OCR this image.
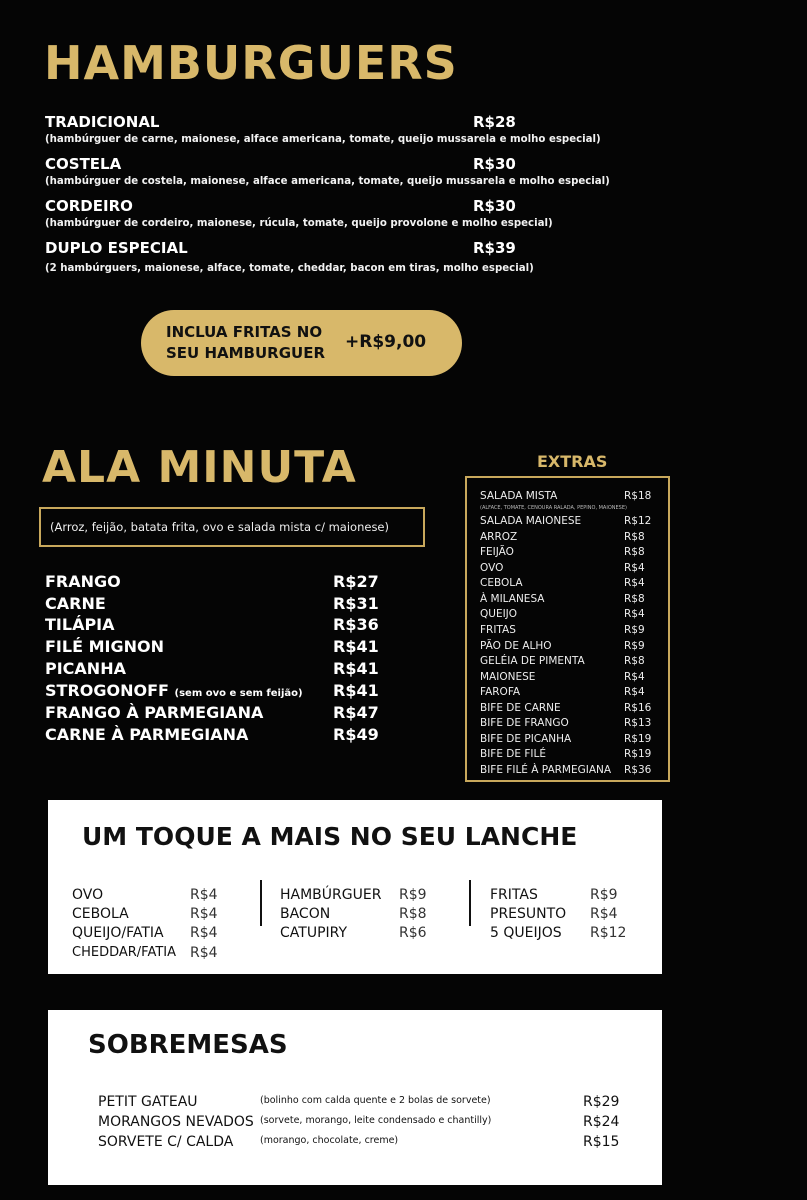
HAMBURGUERS
TRADICIONAL	R$28
(hambúrguer de carne, maionese, alface americana, tomate, queijo mussarela e molho especial)
COSTELA	R$30
(hambúrguer de costela, maionese, alface americana, tomate, queijo mussarela e molho especial)
CORDEIRO	R$30
(hambúrguer de cordeiro, maionese, rúcula, tomate, queijo provolone e molho especial)
DUPLO ESPECIAL	R$39
(2 hambúrguers, maionese, alface, tomate, cheddar, bacon em tiras, molho especial)
INCLUA FRITAS NO
SEU HAMBURGUER
+R$9,00
ALA MINUTA
(Arroz, feijão, batata frita, ovo e salada mista c/ maionese)
FRANGO	R$27
CARNE	R$31
TILÁPIA	R$36
FILÉ MIGNON	R$41
PICANHA	R$41
STROGONOFF (sem ovo e sem feijão) R$41
FRANGO À PARMEGIANA	R$47
CARNE À PARMEGIANA	R$49
EXTRAS
SALADA MISTA	R$18
(ALFACE, TOMATE, CENOURA RALADA, PEPINO, MAIONESE)
SALADA MAIONESE	R$12
ARROZ	R$8
FEIJÃO	R$8
OVO	R$4
CEBOLA	R$4
À MILANESA	R$8
QUEIJO	R$4
FRITAS	R$9
PÃO DE ALHO	R$9
GELÉIA DE PIMENTA	R$8
MAIONESE	R$4
FAROFA	R$4
BIFE DE CARNE	R$16
BIFE DE FRANGO	R$13
BIFE DE PICANHA	R$19
BIFE DE FILÉ	R$19
BIFE FILÉ À PARMEGIANA R$36
UM TOQUE A MAIS NO SEU LANCHE
OVO	R$4
CEBOLA	R$4
QUEIJO/FATIA R$4
CHEDDAR/FATIA R$4
HAMBÚRGUER R$9
BACON	R$8
CATUPIRY	R$6
FRITAS	R$9
PRESUNTO R$4
5 QUEIJOS R$12
SOBREMESAS
PETIT GATEAU	(bolinho com calda quente e 2 bolas de sorvete)	R$29
MORANGOS NEVADOS (sorvete, morango, leite condensado e chantilly)	R$24
SORVETE C/ CALDA	(morango, chocolate, creme)	R$15
